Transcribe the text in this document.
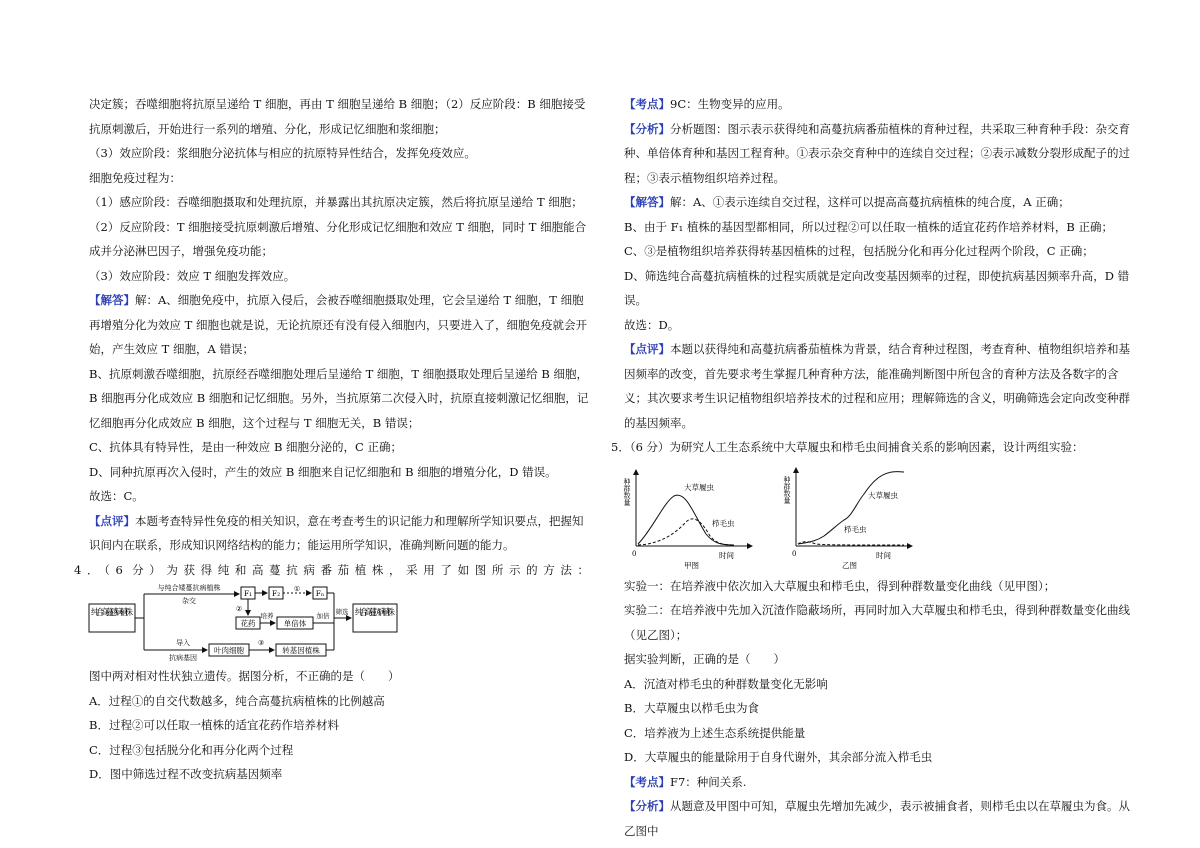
决定簇；吞噬细胞将抗原呈递给 T 细胞，再由 T 细胞呈递给 B 细胞；（2）反应阶段：B 细胞接受抗原刺激后，开始进行一系列的增殖、分化，形成记忆细胞和浆细胞；

（3）效应阶段：浆细胞分泌抗体与相应的抗原特异性结合，发挥免疫效应。

细胞免疫过程为：

（1）感应阶段：吞噬细胞摄取和处理抗原，并暴露出其抗原决定簇，然后将抗原呈递给 T 细胞；

（2）反应阶段：T 细胞接受抗原刺激后增殖、分化形成记忆细胞和效应 T 细胞，同时 T 细胞能合成并分泌淋巴因子，增强免疫功能；

（3）效应阶段：效应 T 细胞发挥效应。

【解答】解：A、细胞免疫中，抗原入侵后，会被吞噬细胞摄取处理，它会呈递给 T 细胞，T 细胞再增殖分化为效应 T 细胞也就是说，无论抗原还有没有侵入细胞内，只要进入了，细胞免疫就会开始，产生效应 T 细胞，A 错误；

B、抗原刺激吞噬细胞，抗原经吞噬细胞处理后呈递给 T 细胞，T 细胞摄取处理后呈递给 B 细胞，B 细胞再分化成效应 B 细胞和记忆细胞。另外，当抗原第二次侵入时，抗原直接刺激记忆细胞，记忆细胞再分化成效应 B 细胞，这个过程与 T 细胞无关，B 错误；

C、抗体具有特异性，是由一种效应 B 细胞分泌的，C 正确；

D、同种抗原再次入侵时，产生的效应 B 细胞来自记忆细胞和 B 细胞的增殖分化，D 错误。

故选：C。

【点评】本题考查特异性免疫的相关知识，意在考查考生的识记能力和理解所学知识要点，把握知识间内在联系，形成知识网络结构的能力；能运用所学知识，准确判断问题的能力。

4．（6 分）为获得纯和高蔓抗病番茄植株，采用了如图所示的方法：

纯合高蔓感病植株
与纯合矮蔓抗病植株
杂交
F₁	F₂ ① Fₙ
②
花药
培养
单倍体
加倍 筛选 纯合高蔓抗病植株
导入
抗病基因
叶肉细胞
③
转基因植株

图中两对相对性状独立遗传。据图分析，不正确的是（　　）

A．过程①的自交代数越多，纯合高蔓抗病植株的比例越高

B．过程②可以任取一植株的适宜花药作培养材料

C．过程③包括脱分化和再分化两个过程

D．图中筛选过程不改变抗病基因频率

【考点】9C：生物变异的应用。

【分析】分析题图：图示表示获得纯和高蔓抗病番茄植株的育种过程，共采取三种育种手段：杂交育种、单倍体育种和基因工程育种。①表示杂交育种中的连续自交过程；②表示减数分裂形成配子的过程；③表示植物组织培养过程。

【解答】解：A、①表示连续自交过程，这样可以提高高蔓抗病植株的纯合度，A 正确；

B、由于 F₁ 植株的基因型都相同，所以过程②可以任取一植株的适宜花药作培养材料，B 正确；

C、③是植物组织培养获得转基因植株的过程，包括脱分化和再分化过程两个阶段，C 正确；

D、筛选纯合高蔓抗病植株的过程实质就是定向改变基因频率的过程，即使抗病基因频率升高，D 错误。

故选：D。

【点评】本题以获得纯和高蔓抗病番茄植株为背景，结合育种过程图，考查育种、植物组织培养和基因频率的改变，首先要求考生掌握几种育种方法，能准确判断图中所包含的育种方法及各数字的含义；其次要求考生识记植物组织培养技术的过程和应用；理解筛选的含义，明确筛选会定向改变种群的基因频率。

5．（6 分）为研究人工生态系统中大草履虫和栉毛虫间捕食关系的影响因素，设计两组实验：

种群数量
0	时间
甲图
大草履虫
栉毛虫
种群数量
0	时间
乙图
大草履虫
栉毛虫

实验一：在培养液中依次加入大草履虫和栉毛虫，得到种群数量变化曲线（见甲图）；

实验二：在培养液中先加入沉渣作隐蔽场所，再同时加入大草履虫和栉毛虫，得到种群数量变化曲线（见乙图）；

据实验判断，正确的是（　　）

A．沉渣对栉毛虫的种群数量变化无影响

B．大草履虫以栉毛虫为食

C．培养液为上述生态系统提供能量

D．大草履虫的能量除用于自身代谢外，其余部分流入栉毛虫

【考点】F7：种间关系.

【分析】从题意及甲图中可知，草履虫先增加先减少，表示被捕食者，则栉毛虫以在草履虫为食。从乙图中
